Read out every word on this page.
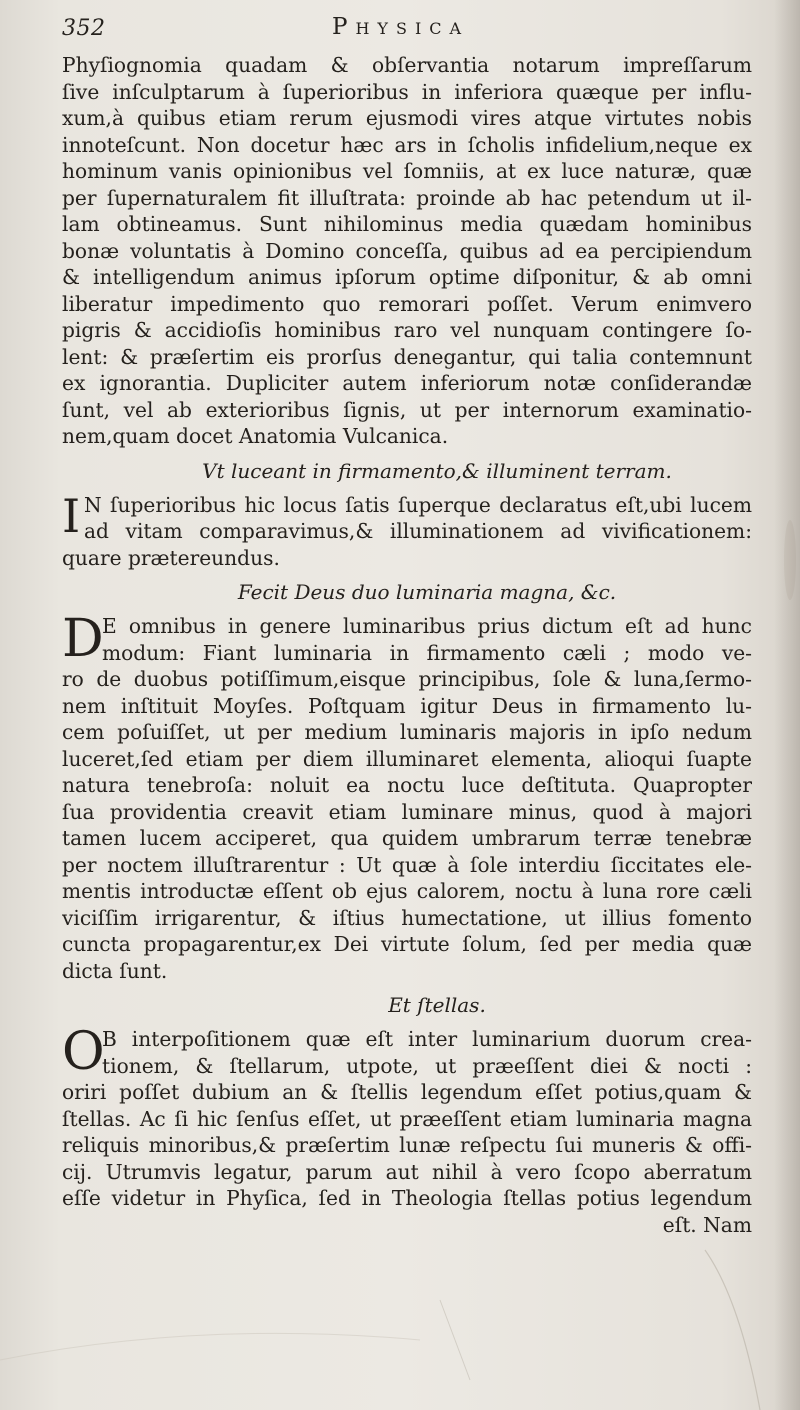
352	Physica
Phyſiognomia quadam & obſervantia notarum impreſſarum
ſive inſculptarum à ſuperioribus in inferiora quæque per influ-
xum,à quibus etiam rerum ejusmodi vires atque virtutes nobis
innoteſcunt. Non docetur hæc ars in ſcholis infidelium,neque ex
hominum vanis opinionibus vel ſomniis, at ex luce naturæ, quæ
per ſupernaturalem fit illuſtrata: proinde ab hac petendum ut il-
lam obtineamus. Sunt nihilominus media quædam hominibus
bonæ voluntatis à Domino conceſſa, quibus ad ea percipiendum
& intelligendum animus ipſorum optime diſponitur, & ab omni
liberatur impedimento quo remorari poſſet. Verum enimvero
pigris & accidioſis hominibus raro vel nunquam contingere ſo-
lent: & præſertim eis prorſus denegantur, qui talia contemnunt
ex ignorantia. Dupliciter autem inferiorum notæ conſiderandæ
ſunt, vel ab exterioribus ſignis, ut per internorum examinatio-
nem,quam docet Anatomia Vulcanica.
Vt luceant in firmamento,& illuminent terram.
I N ſuperioribus hic locus ſatis ſuperque declaratus eſt,ubi lucem
ad vitam comparavimus,& illuminationem ad vivificationem:
quare prætereundus.
Fecit Deus duo luminaria magna, &c.
D
E omnibus in genere luminaribus prius dictum eſt ad hunc
modum: Fiant luminaria in firmamento cæli ; modo ve-
ro de duobus potiſſimum,eisque principibus, ſole & luna,ſermo-
nem inſtituit Moyſes. Poſtquam igitur Deus in firmamento lu-
cem poſuiſſet, ut per medium luminaris majoris in ipſo nedum
luceret,ſed etiam per diem illuminaret elementa, alioqui ſuapte
natura tenebroſa: noluit ea noctu luce deſtituta. Quapropter
ſua providentia creavit etiam luminare minus, quod à majori
tamen lucem acciperet, qua quidem umbrarum terræ tenebræ
per noctem illuſtrarentur : Ut quæ à ſole interdiu ſiccitates ele-
mentis introductæ eſſent ob ejus calorem, noctu à luna rore cæli
viciſſim irrigarentur, & iſtius humectatione, ut illius fomento
cuncta propagarentur,ex Dei virtute ſolum, ſed per media quæ
dicta ſunt.
Et ſtellas.
O
B interpoſitionem quæ eſt inter luminarium duorum crea-
tionem, & ſtellarum, utpote, ut præeſſent diei & nocti :
oriri poſſet dubium an & ſtellis legendum eſſet potius,quam &
ſtellas. Ac ſi hic ſenſus eſſet, ut præeſſent etiam luminaria magna
reliquis minoribus,& præſertim lunæ reſpectu ſui muneris & offi-
cij. Utrumvis legatur, parum aut nihil à vero ſcopo aberratum
eſſe videtur in Phyſica, ſed in Theologia ſtellas potius legendum
eſt. Nam
